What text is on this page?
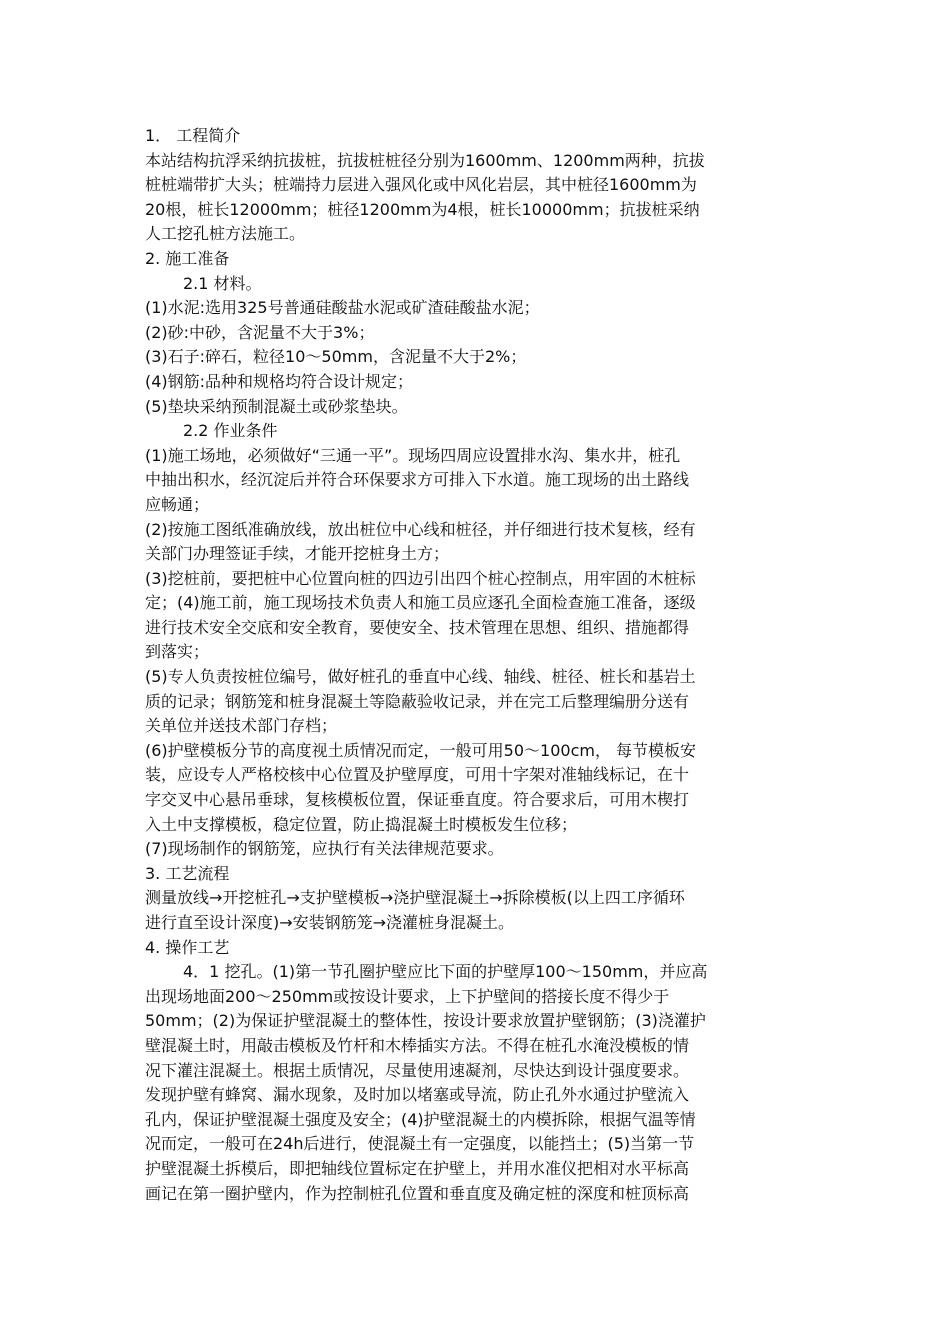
1． 工程简介
本站结构抗浮采纳抗拔桩，抗拔桩桩径分别为1600mm、1200mm两种，抗拔
桩桩端带扩大头；桩端持力层进入强风化或中风化岩层，其中桩径1600mm为
20根，桩长12000mm；桩径1200mm为4根，桩长10000mm；抗拔桩采纳
人工挖孔桩方法施工。
2. 施工准备
2.1 材料。
(1)水泥:选用325号普通硅酸盐水泥或矿渣硅酸盐水泥；
(2)砂:中砂，含泥量不大于3%；
(3)石子:碎石，粒径10～50mm，含泥量不大于2%；
(4)钢筋:品种和规格均符合设计规定；
(5)垫块采纳预制混凝土或砂浆垫块。
2.2 作业条件
(1)施工场地，必须做好“三通一平”。现场四周应设置排水沟、集水井，桩孔
中抽出积水，经沉淀后并符合环保要求方可排入下水道。施工现场的出土路线
应畅通；
(2)按施工图纸准确放线，放出桩位中心线和桩径，并仔细进行技术复核，经有
关部门办理签证手续，才能开挖桩身土方；
(3)挖桩前，要把桩中心位置向桩的四边引出四个桩心控制点，用牢固的木桩标
定；(4)施工前，施工现场技术负责人和施工员应逐孔全面检查施工准备，逐级
进行技术安全交底和安全教育，要使安全、技术管理在思想、组织、措施都得
到落实；
(5)专人负责按桩位编号，做好桩孔的垂直中心线、轴线、桩径、桩长和基岩土
质的记录；钢筋笼和桩身混凝土等隐蔽验收记录，并在完工后整理编册分送有
关单位并送技术部门存档；
(6)护壁模板分节的高度视土质情况而定，一般可用50～100cm， 每节模板安
装，应设专人严格校核中心位置及护壁厚度，可用十字架对准轴线标记，在十
字交叉中心悬吊垂球，复核模板位置，保证垂直度。符合要求后，可用木楔打
入土中支撑模板，稳定位置，防止捣混凝土时模板发生位移；
(7)现场制作的钢筋笼，应执行有关法律规范要求。
3. 工艺流程
测量放线→开挖桩孔→支护壁模板→浇护壁混凝土→拆除模板(以上四工序循环
进行直至设计深度)→安装钢筋笼→浇灌桩身混凝土。
4. 操作工艺
4．1 挖孔。(1)第一节孔圈护壁应比下面的护壁厚100～150mm，并应高
出现场地面200～250mm或按设计要求，上下护壁间的搭接长度不得少于
50mm；(2)为保证护壁混凝土的整体性，按设计要求放置护壁钢筋；(3)浇灌护
壁混凝土时，用敲击模板及竹杆和木棒插实方法。不得在桩孔水淹没模板的情
况下灌注混凝土。根据土质情况，尽量使用速凝剂，尽快达到设计强度要求。
发现护壁有蜂窝、漏水现象，及时加以堵塞或导流，防止孔外水通过护壁流入
孔内，保证护壁混凝土强度及安全；(4)护壁混凝土的内模拆除，根据气温等情
况而定，一般可在24h后进行，使混凝土有一定强度，以能挡土；(5)当第一节
护壁混凝土拆模后，即把轴线位置标定在护壁上，并用水准仪把相对水平标高
画记在第一圈护壁内，作为控制桩孔位置和垂直度及确定桩的深度和桩顶标高
